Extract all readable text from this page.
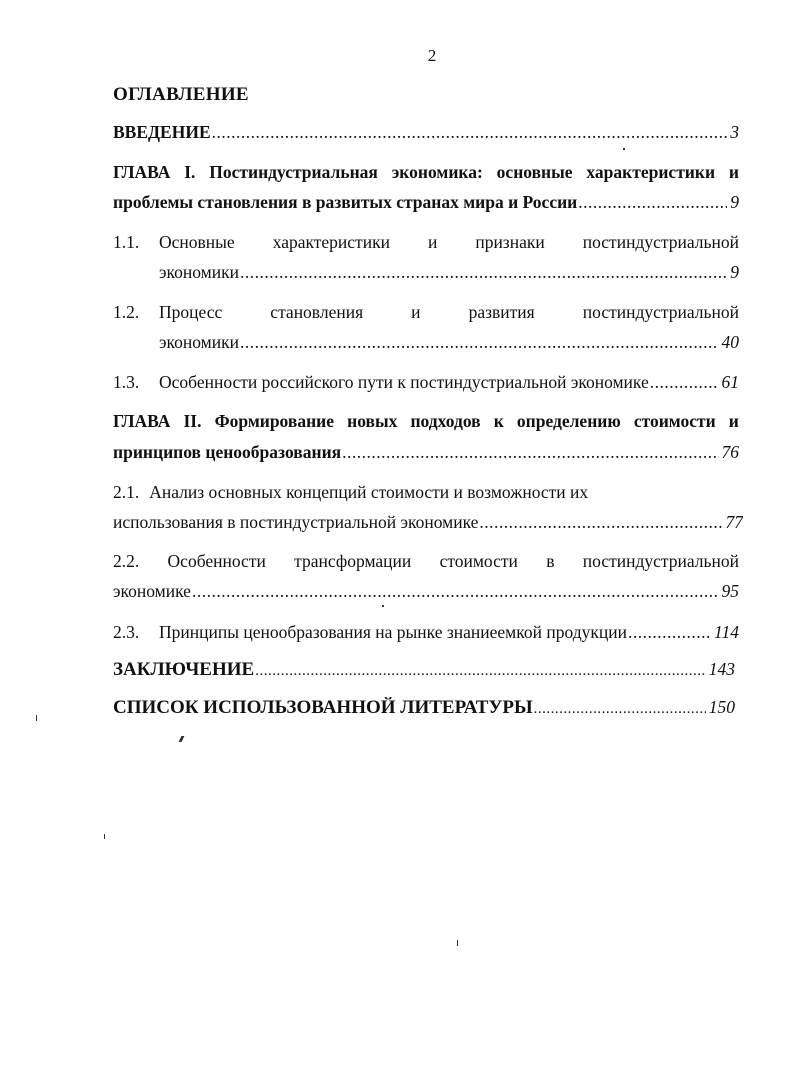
2
ОГЛАВЛЕНИЕ
ВВЕДЕНИЕ .....	3
ГЛАВА I. Постиндустриальная экономика: основные характеристики и
проблемы становления в развитых странах мира и России .....	9
1.1. Основные характеристики и признаки постиндустриальной
экономики .....	9
1.2. Процесс	становления	и	развития	постиндустриальной
экономики .....	40
1.3. Особенности российского пути к постиндустриальной экономике .....	61
ГЛАВА II. Формирование новых подходов к определению стоимости и
принципов ценообразования .....	76
2.1. Анализ основных концепций стоимости и возможности их
использования в постиндустриальной экономике .....	77
2.2. Особенности трансформации стоимости в постиндустриальной
экономике .....	95
2.3. Принципы ценообразования на рынке знаниеемкой продукции .....	114
ЗАКЛЮЧЕНИЕ .....	143
СПИСОК ИСПОЛЬЗОВАННОЙ ЛИТЕРАТУРЫ .....	150
